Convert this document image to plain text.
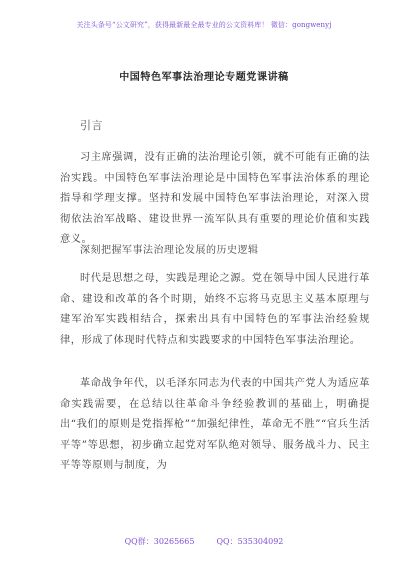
关注头条号“公文研究”，获得最新最全最专业的公文资料库！ 微信：gongwenyj
中国特色军事法治理论专题党课讲稿
引言
习主席强调，没有正确的法治理论引领，就不可能有正确的法治实践。中国特色军事法治理论是中国特色军事法治体系的理论指导和学理支撑。坚持和发展中国特色军事法治理论，对深入贯彻依法治军战略、建设世界一流军队具有重要的理论价值和实践意义。
深刻把握军事法治理论发展的历史逻辑
时代是思想之母，实践是理论之源。党在领导中国人民进行革命、建设和改革的各个时期，始终不忘将马克思主义基本原理与建军治军实践相结合，探索出具有中国特色的军事法治经验规律，形成了体现时代特点和实践要求的中国特色军事法治理论。
革命战争年代，以毛泽东同志为代表的中国共产党人为适应革命实践需要，在总结以往革命斗争经验教训的基础上，明确提出“我们的原则是党指挥枪”“加强纪律性，革命无不胜”“官兵生活平等”等思想，初步确立起党对军队绝对领导、服务战斗力、民主平等等原则与制度，为
QQ群：30265665	QQ：535304092
